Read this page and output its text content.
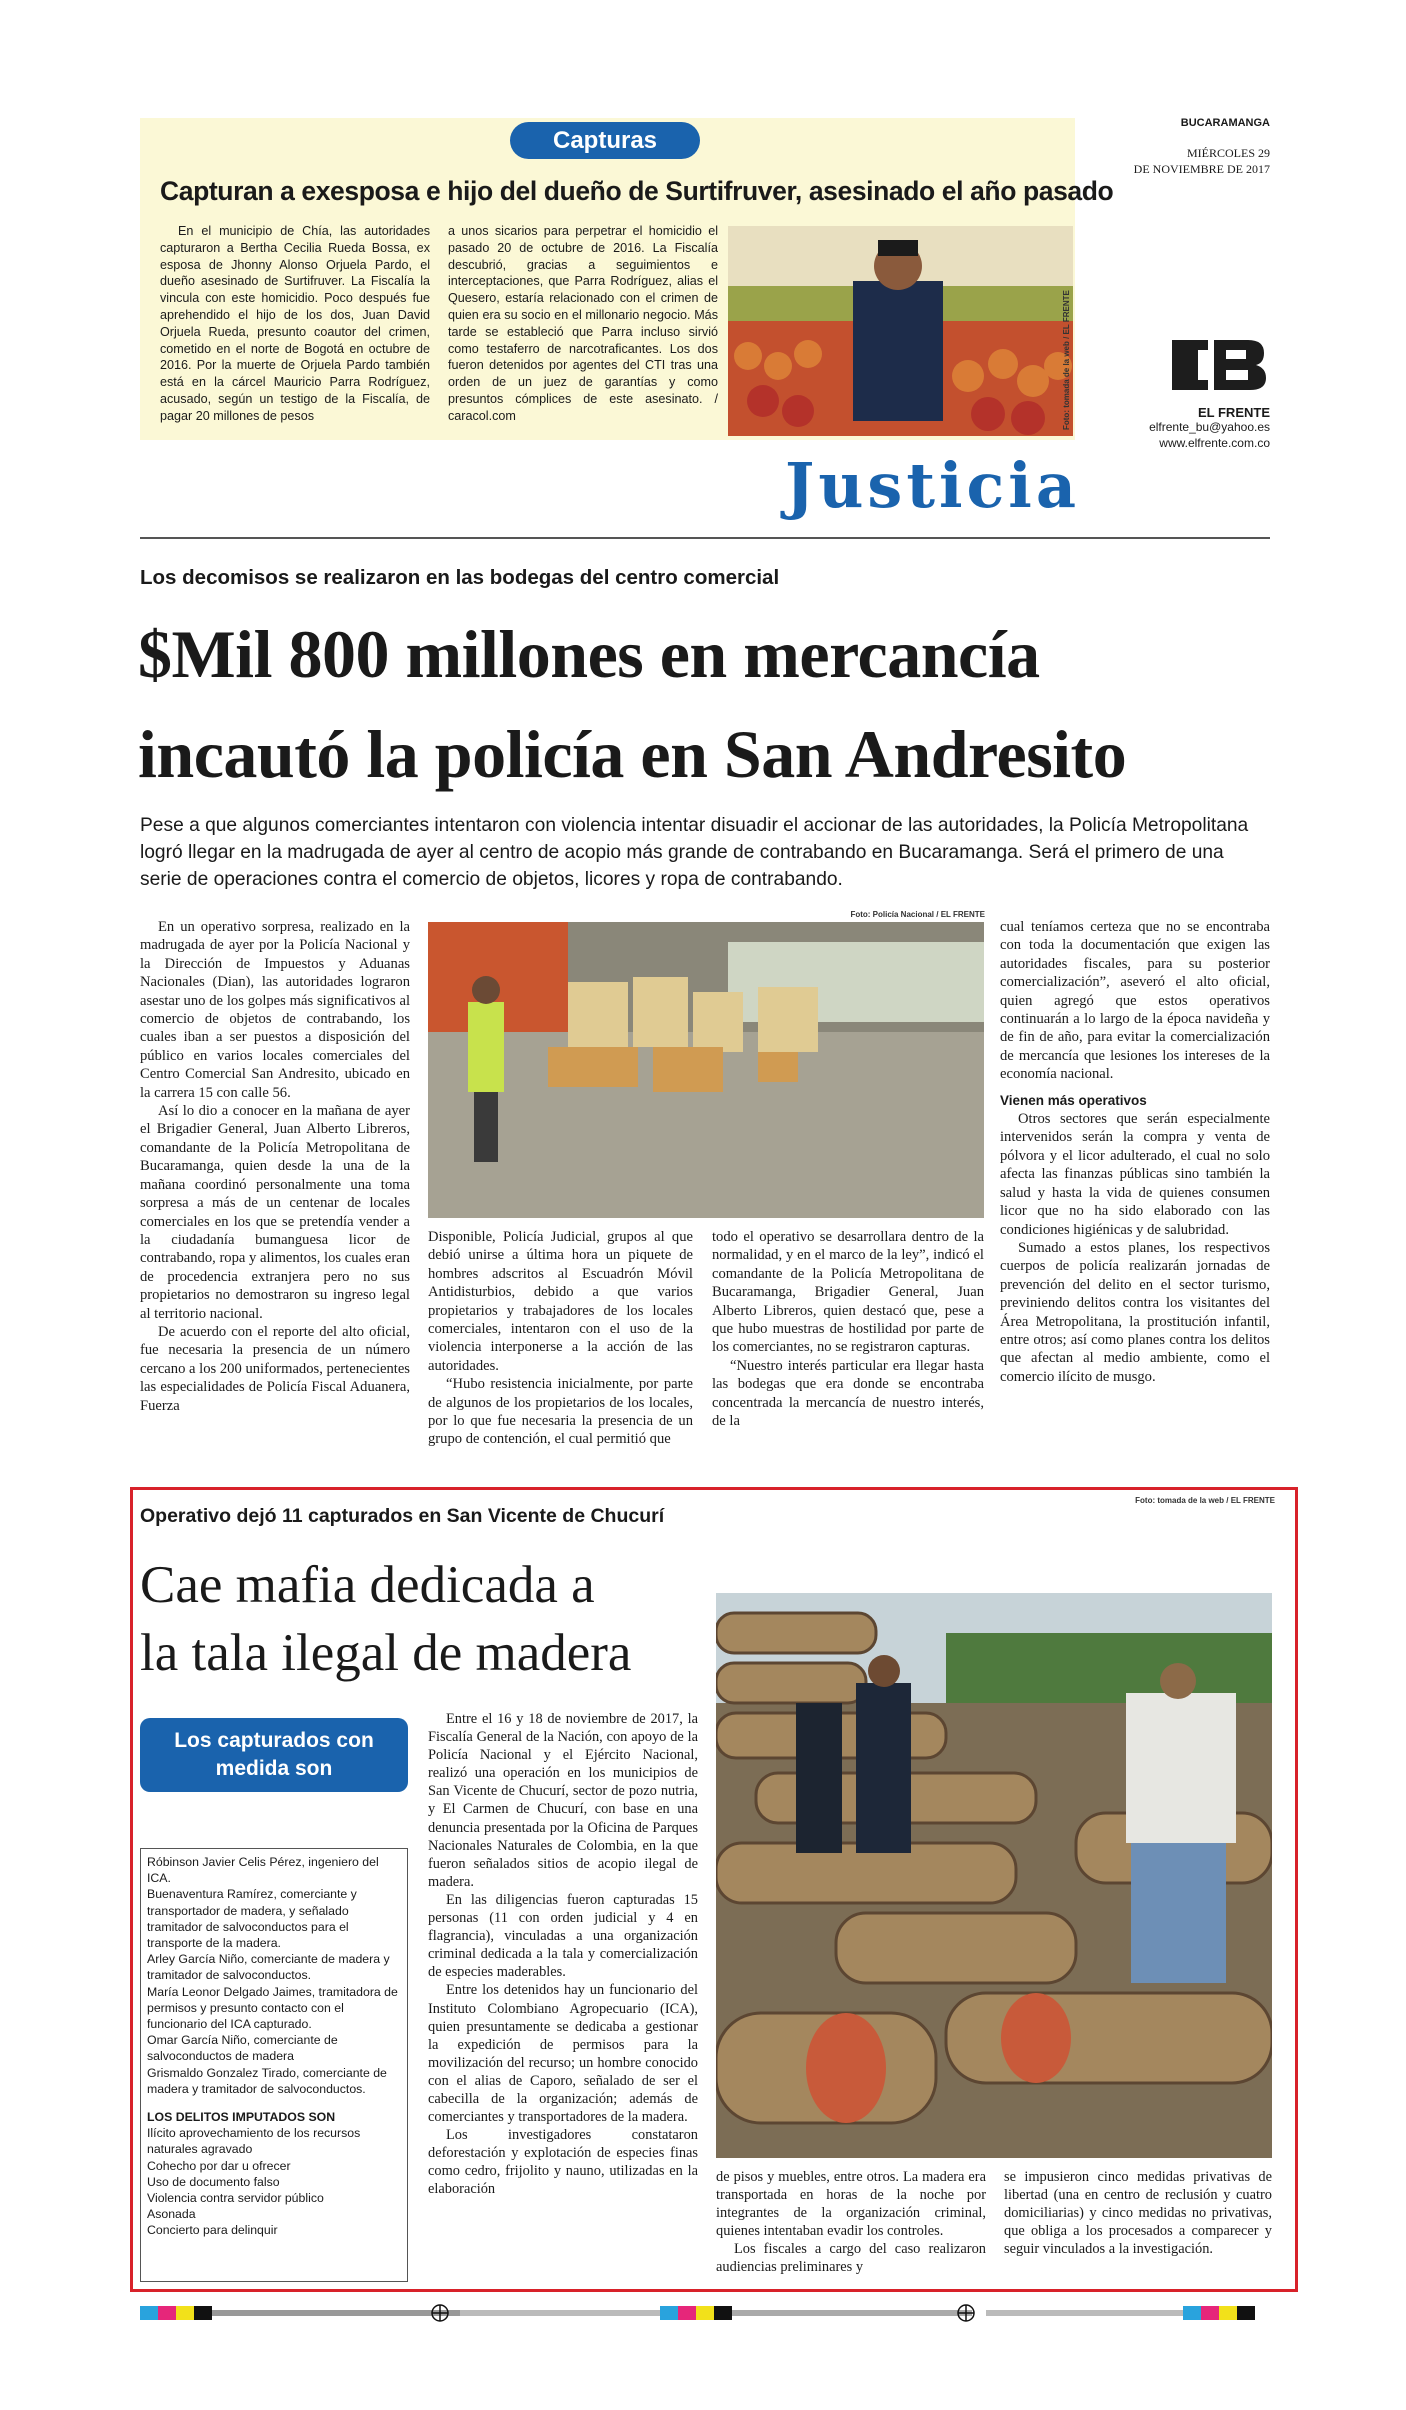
Capturas
Capturan a exesposa e hijo del dueño de Surtifruver, asesinado el año pasado

En el municipio de Chía, las autoridades capturaron a Bertha Cecilia Rueda Bossa, ex esposa de Jhonny Alonso Orjuela Pardo, el dueño asesinado de Surtifruver. La Fiscalía la vincula con este homicidio. Poco después fue aprehendido el hijo de los dos, Juan David Orjuela Rueda, presunto coautor del crimen, cometido en el norte de Bogotá en octubre de 2016. Por la muerte de Orjuela Pardo también está en la cárcel Mauricio Parra Rodríguez, acusado, según un testigo de la Fiscalía, de pagar 20 millones de pesos

a unos sicarios para perpetrar el homicidio el pasado 20 de octubre de 2016. La Fiscalía descubrió, gracias a seguimientos e interceptaciones, que Parra Rodríguez, alias el Quesero, estaría relacionado con el crimen de quien era su socio en el millonario negocio. Más tarde se estableció que Parra incluso sirvió como testaferro de narcotraficantes. Los dos fueron detenidos por agentes del CTI tras una orden de un juez de garantías y como presuntos cómplices de este asesinato. / caracol.com	Foto: tomada de la web / EL FRENTE
BUCARAMANGA
MIÉRCOLES 29
DE NOVIEMBRE DE 2017
EL FRENTE
elfrente_bu@yahoo.es
www.elfrente.com.co
Justicia
Los decomisos se realizaron en las bodegas del centro comercial
$Mil 800 millones en mercancía
incautó la policía en San Andresito
Pese a que algunos comerciantes intentaron con violencia intentar disuadir el accionar de las autoridades, la Policía Metropolitana logró llegar en la madrugada de ayer al centro de acopio más grande de contrabando en Bucaramanga. Será el primero de una serie de operaciones contra el comercio de objetos, licores y ropa de contrabando.

En un operativo sorpresa, realizado en la madrugada de ayer por la Policía Nacional y la Dirección de Impuestos y Aduanas Nacionales (Dian), las autoridades lograron asestar uno de los golpes más significativos al comercio de objetos de contrabando, los cuales iban a ser puestos a disposición del público en varios locales comerciales del Centro Comercial San Andresito, ubicado en la carrera 15 con calle 56.

Así lo dio a conocer en la mañana de ayer el Brigadier General, Juan Alberto Libreros, comandante de la Policía Metropolitana de Bucaramanga, quien desde la una de la mañana coordinó personalmente una toma sorpresa a más de un centenar de locales comerciales en los que se pretendía vender a la ciudadanía bumanguesa licor de contrabando, ropa y alimentos, los cuales eran de procedencia extranjera pero no sus propietarios no demostraron su ingreso legal al territorio nacional.

De acuerdo con el reporte del alto oficial, fue necesaria la presencia de un número cercano a los 200 uniformados, pertenecientes las especialidades de Policía Fiscal Aduanera, Fuerza

Foto: Policía Nacional / EL FRENTE

Disponible, Policía Judicial, grupos al que debió unirse a última hora un piquete de hombres adscritos al Escuadrón Móvil Antidisturbios, debido a que varios propietarios y trabajadores de los locales comerciales, intentaron con el uso de la violencia interponerse a la acción de las autoridades.

“Hubo resistencia inicialmente, por parte de algunos de los propietarios de los locales, por lo que fue necesaria la presencia de un grupo de contención, el cual permitió que

todo el operativo se desarrollara dentro de la normalidad, y en el marco de la ley”, indicó el comandante de la Policía Metropolitana de Bucaramanga, Brigadier General, Juan Alberto Libreros, quien destacó que, pese a que hubo muestras de hostilidad por parte de los comerciantes, no se registraron capturas.

“Nuestro interés particular era llegar hasta las bodegas que era donde se encontraba concentrada la mercancía de nuestro interés, de la

cual teníamos certeza que no se encontraba con toda la documentación que exigen las autoridades fiscales, para su posterior comercialización”, aseveró el alto oficial, quien agregó que estos operativos continuarán a lo largo de la época navideña y de fin de año, para evitar la comercialización de mercancía que lesiones los intereses de la economía nacional.

Vienen más operativos

Otros sectores que serán especialmente intervenidos serán la compra y venta de pólvora y el licor adulterado, el cual no solo afecta las finanzas públicas sino también la salud y hasta la vida de quienes consumen licor que no ha sido elaborado con las condiciones higiénicas y de salubridad.

Sumado a estos planes, los respectivos cuerpos de policía realizarán jornadas de prevención del delito en el sector turismo, previniendo delitos contra los visitantes del Área Metropolitana, la prostitución infantil, entre otros; así como planes contra los delitos que afectan al medio ambiente, como el comercio ilícito de musgo.

Operativo dejó 11 capturados en San Vicente de Chucurí
Foto: tomada de la web / EL FRENTE
Cae mafia dedicada a
la tala ilegal de madera
Los capturados con
medida son
Róbinson Javier Celis Pérez, ingeniero del ICA.
Buenaventura Ramírez, comerciante y transportador de madera, y señalado tramitador de salvoconductos para el transporte de la madera.
Arley García Niño, comerciante de madera y tramitador de salvoconductos.
María Leonor Delgado Jaimes, tramitadora de permisos y presunto contacto con el funcionario del ICA capturado.
Omar García Niño, comerciante de salvoconductos de madera
Grismaldo Gonzalez Tirado, comerciante de madera y tramitador de salvoconductos.
LOS DELITOS IMPUTADOS SON
Ilícito aprovechamiento de los recursos naturales agravado
Cohecho por dar u ofrecer
Uso de documento falso
Violencia contra servidor público
Asonada
Concierto para delinquir

Entre el 16 y 18 de noviembre de 2017, la Fiscalía General de la Nación, con apoyo de la Policía Nacional y el Ejército Nacional, realizó una operación en los municipios de San Vicente de Chucurí, sector de pozo nutria, y El Carmen de Chucurí, con base en una denuncia presentada por la Oficina de Parques Nacionales Naturales de Colombia, en la que fueron señalados sitios de acopio ilegal de madera.

En las diligencias fueron capturadas 15 personas (11 con orden judicial y 4 en flagrancia), vinculadas a una organización criminal dedicada a la tala y comercialización de especies maderables.

Entre los detenidos hay un funcionario del Instituto Colombiano Agropecuario (ICA), quien presuntamente se dedicaba a gestionar la expedición de permisos para la movilización del recurso; un hombre conocido con el alias de Caporo, señalado de ser el cabecilla de la organización; además de comerciantes y transportadores de la madera.

Los investigadores constataron deforestación y explotación de especies finas como cedro, frijolito y nauno, utilizadas en la elaboración

de pisos y muebles, entre otros. La madera era transportada en horas de la noche por integrantes de la organización criminal, quienes intentaban evadir los controles.

Los fiscales a cargo del caso realizaron audiencias preliminares y

se impusieron cinco medidas privativas de libertad (una en centro de reclusión y cuatro domiciliarias) y cinco medidas no privativas, que obliga a los procesados a comparecer y seguir vinculados a la investigación.
